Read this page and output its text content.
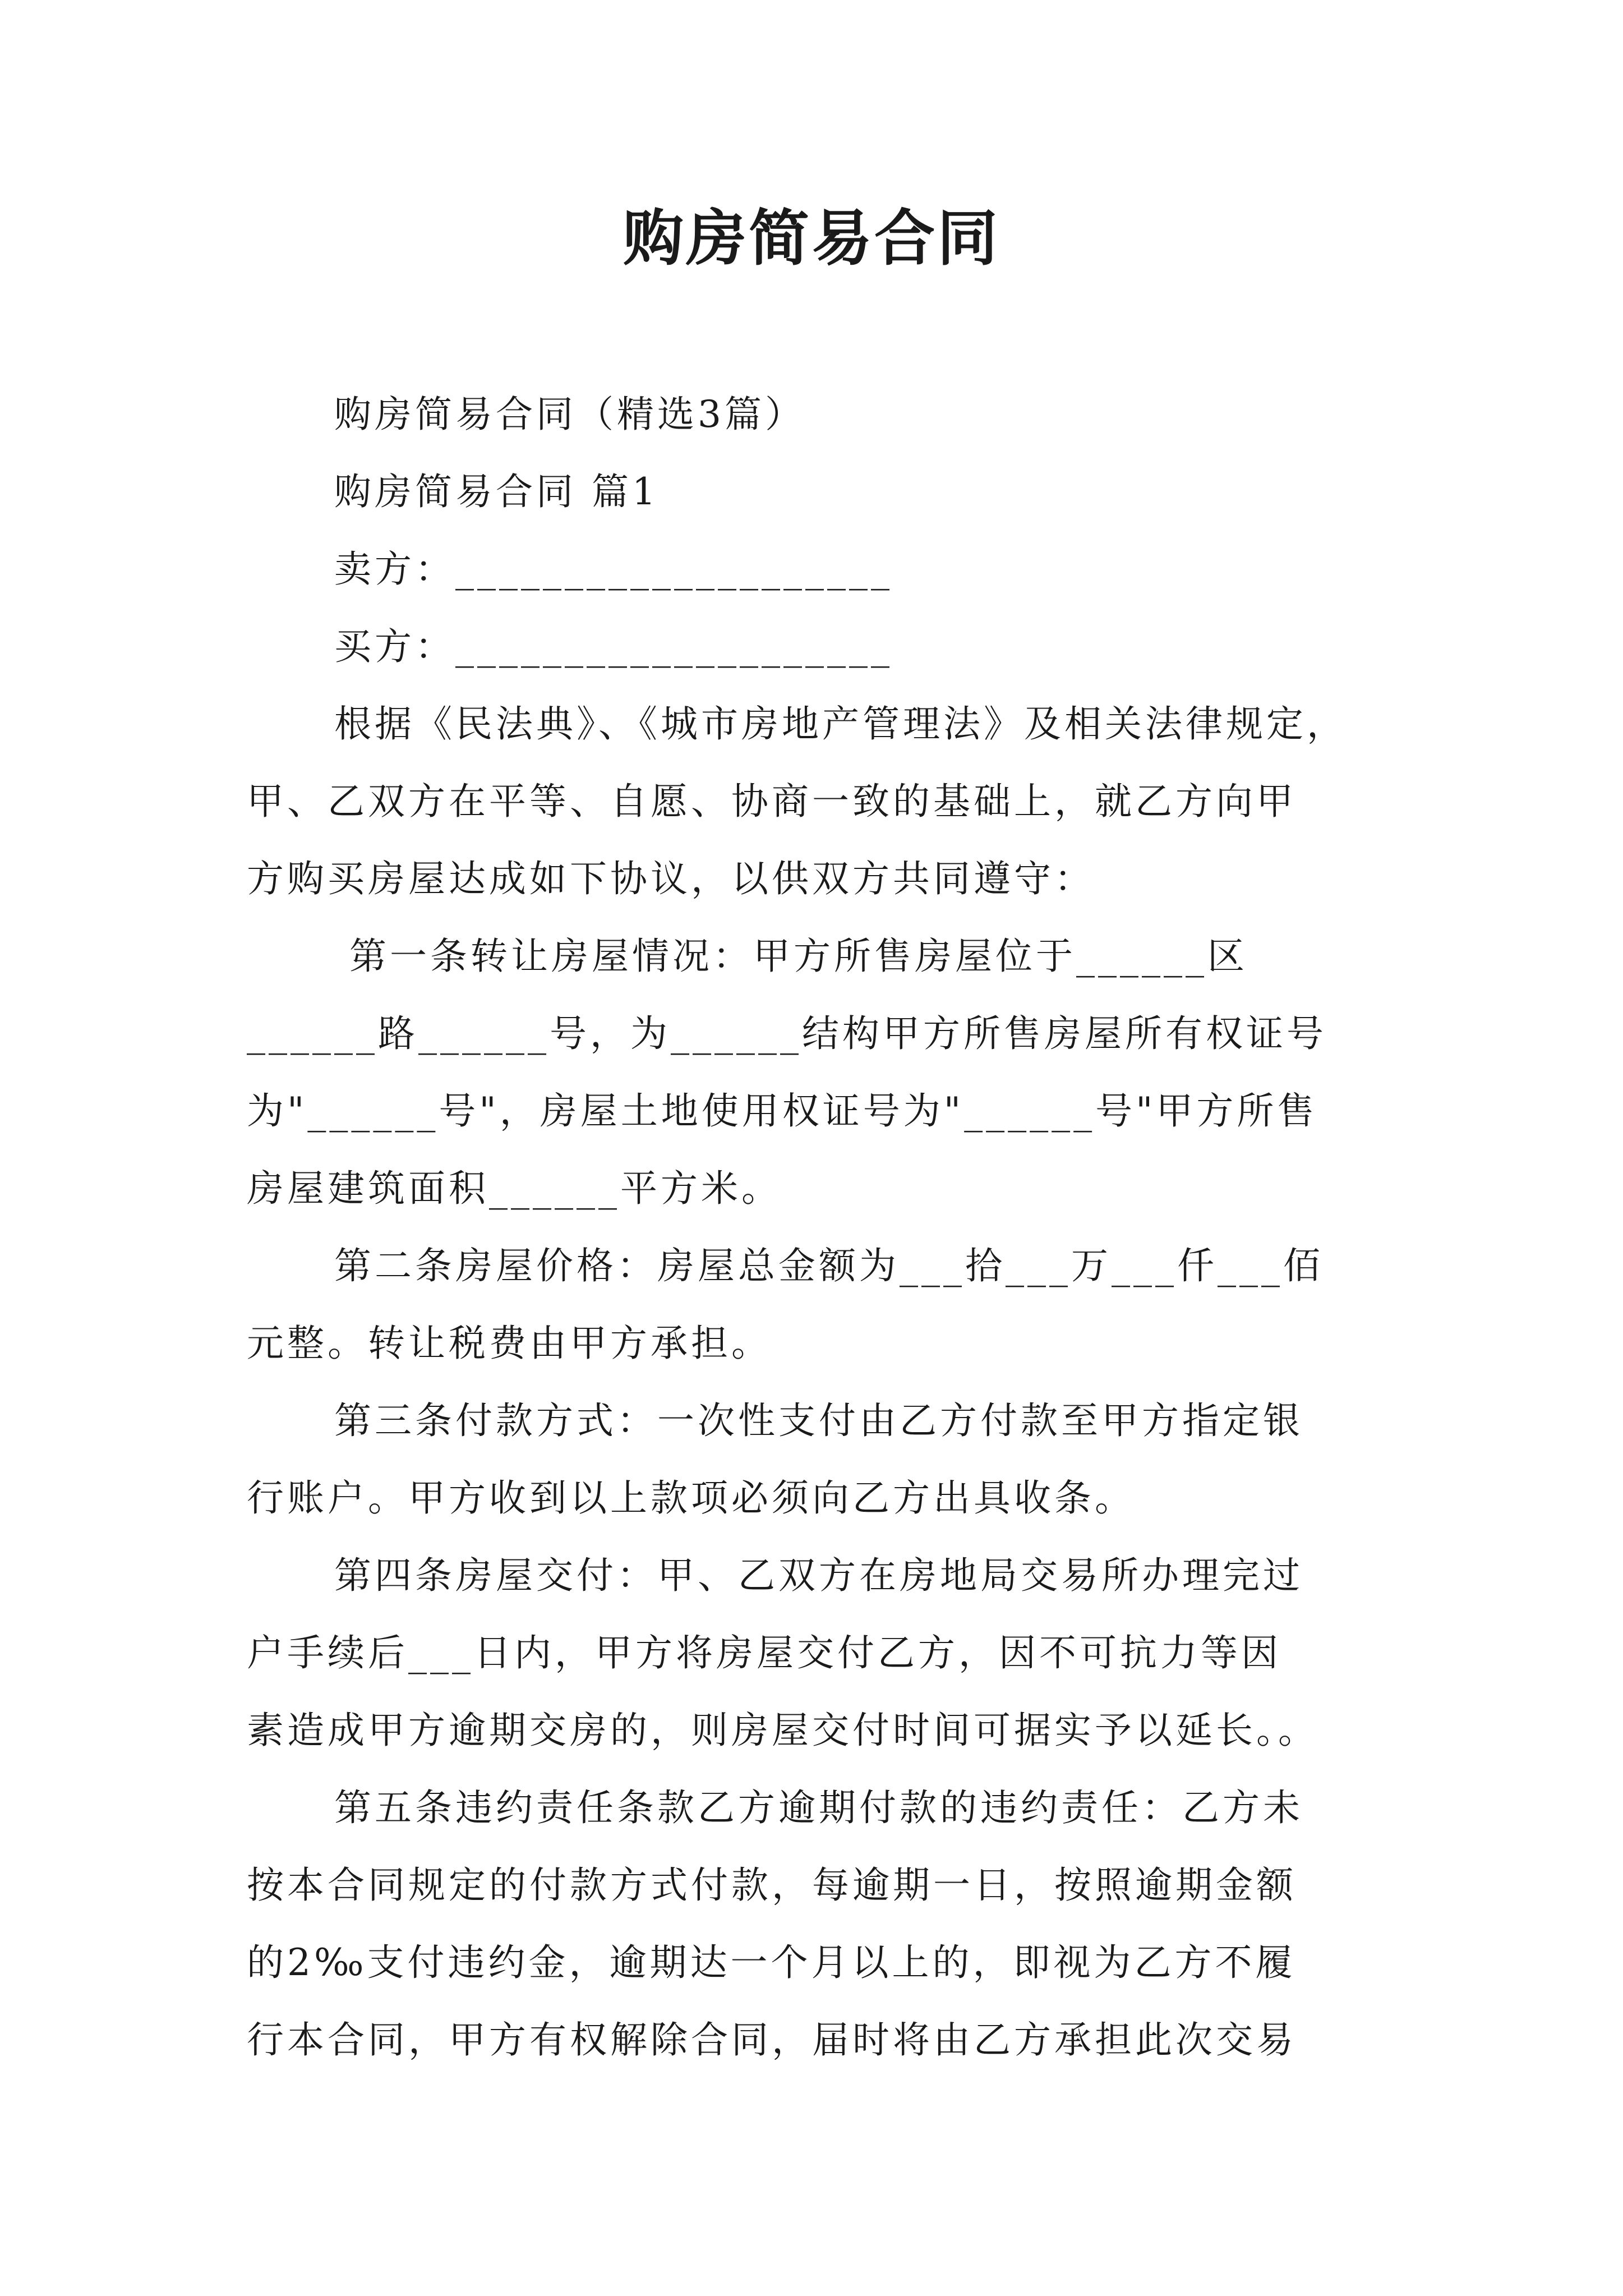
购房简易合同
购房简易合同（精选3篇）
购房简易合同 篇1
卖方：____________________
买方：____________________
根据《民法典》、《城市房地产管理法》及相关法律规定，
甲、乙双方在平等、自愿、协商一致的基础上，就乙方向甲
方购买房屋达成如下协议，以供双方共同遵守：
第一条转让房屋情况：甲方所售房屋位于______区
______路______号，为______结构甲方所售房屋所有权证号
为"______号"，房屋土地使用权证号为"______号"甲方所售
房屋建筑面积______平方米。
第二条房屋价格：房屋总金额为___拾___万___仟___佰
元整。转让税费由甲方承担。
第三条付款方式：一次性支付由乙方付款至甲方指定银
行账户。甲方收到以上款项必须向乙方出具收条。
第四条房屋交付：甲、乙双方在房地局交易所办理完过
户手续后___日内，甲方将房屋交付乙方，因不可抗力等因
素造成甲方逾期交房的，则房屋交付时间可据实予以延长。。
第五条违约责任条款乙方逾期付款的违约责任：乙方未
按本合同规定的付款方式付款，每逾期一日，按照逾期金额
的2‰支付违约金，逾期达一个月以上的，即视为乙方不履
行本合同，甲方有权解除合同，届时将由乙方承担此次交易
